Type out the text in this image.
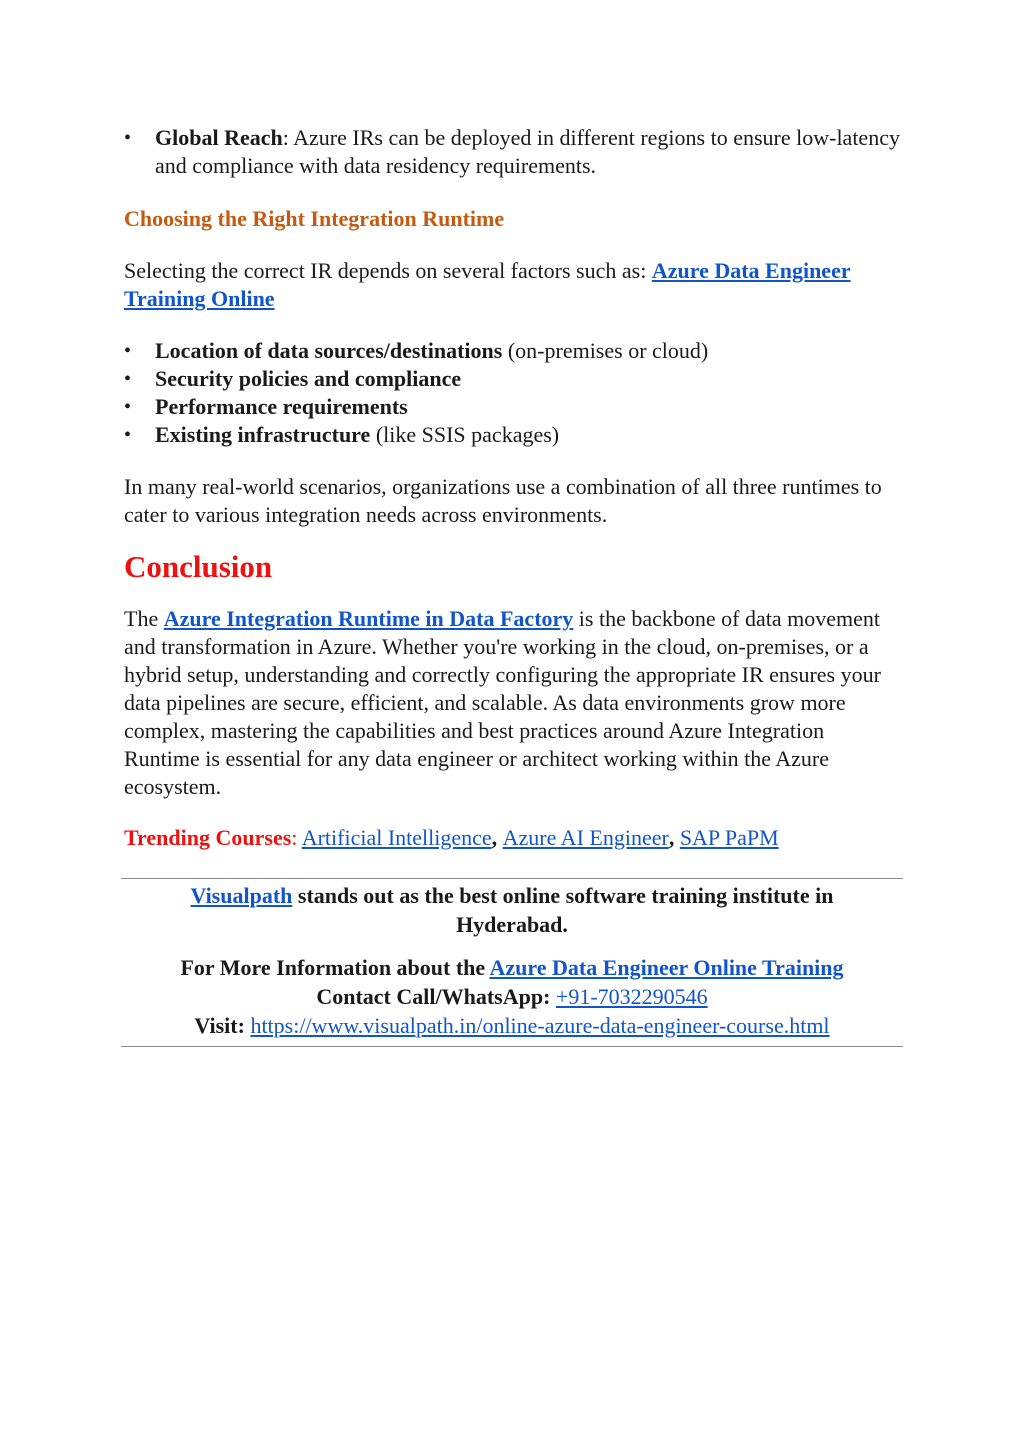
• Global Reach: Azure IRs can be deployed in different regions to ensure low-latency and compliance with data residency requirements.
Choosing the Right Integration Runtime

Selecting the correct IR depends on several factors such as: Azure Data Engineer Training Online

• Location of data sources/destinations (on-premises or cloud)
• Security policies and compliance
• Performance requirements
• Existing infrastructure (like SSIS packages)

In many real-world scenarios, organizations use a combination of all three runtimes to cater to various integration needs across environments.

Conclusion

The Azure Integration Runtime in Data Factory is the backbone of data movement and transformation in Azure. Whether you're working in the cloud, on-premises, or a hybrid setup, understanding and correctly configuring the appropriate IR ensures your data pipelines are secure, efficient, and scalable. As data environments grow more complex, mastering the capabilities and best practices around Azure Integration Runtime is essential for any data engineer or architect working within the Azure ecosystem.

Trending Courses: Artificial Intelligence, Azure AI Engineer, SAP PaPM

Visualpath stands out as the best online software training institute in Hyderabad.
For More Information about the Azure Data Engineer Online Training
Contact Call/WhatsApp: +91-7032290546
Visit: https://www.visualpath.in/online-azure-data-engineer-course.html
